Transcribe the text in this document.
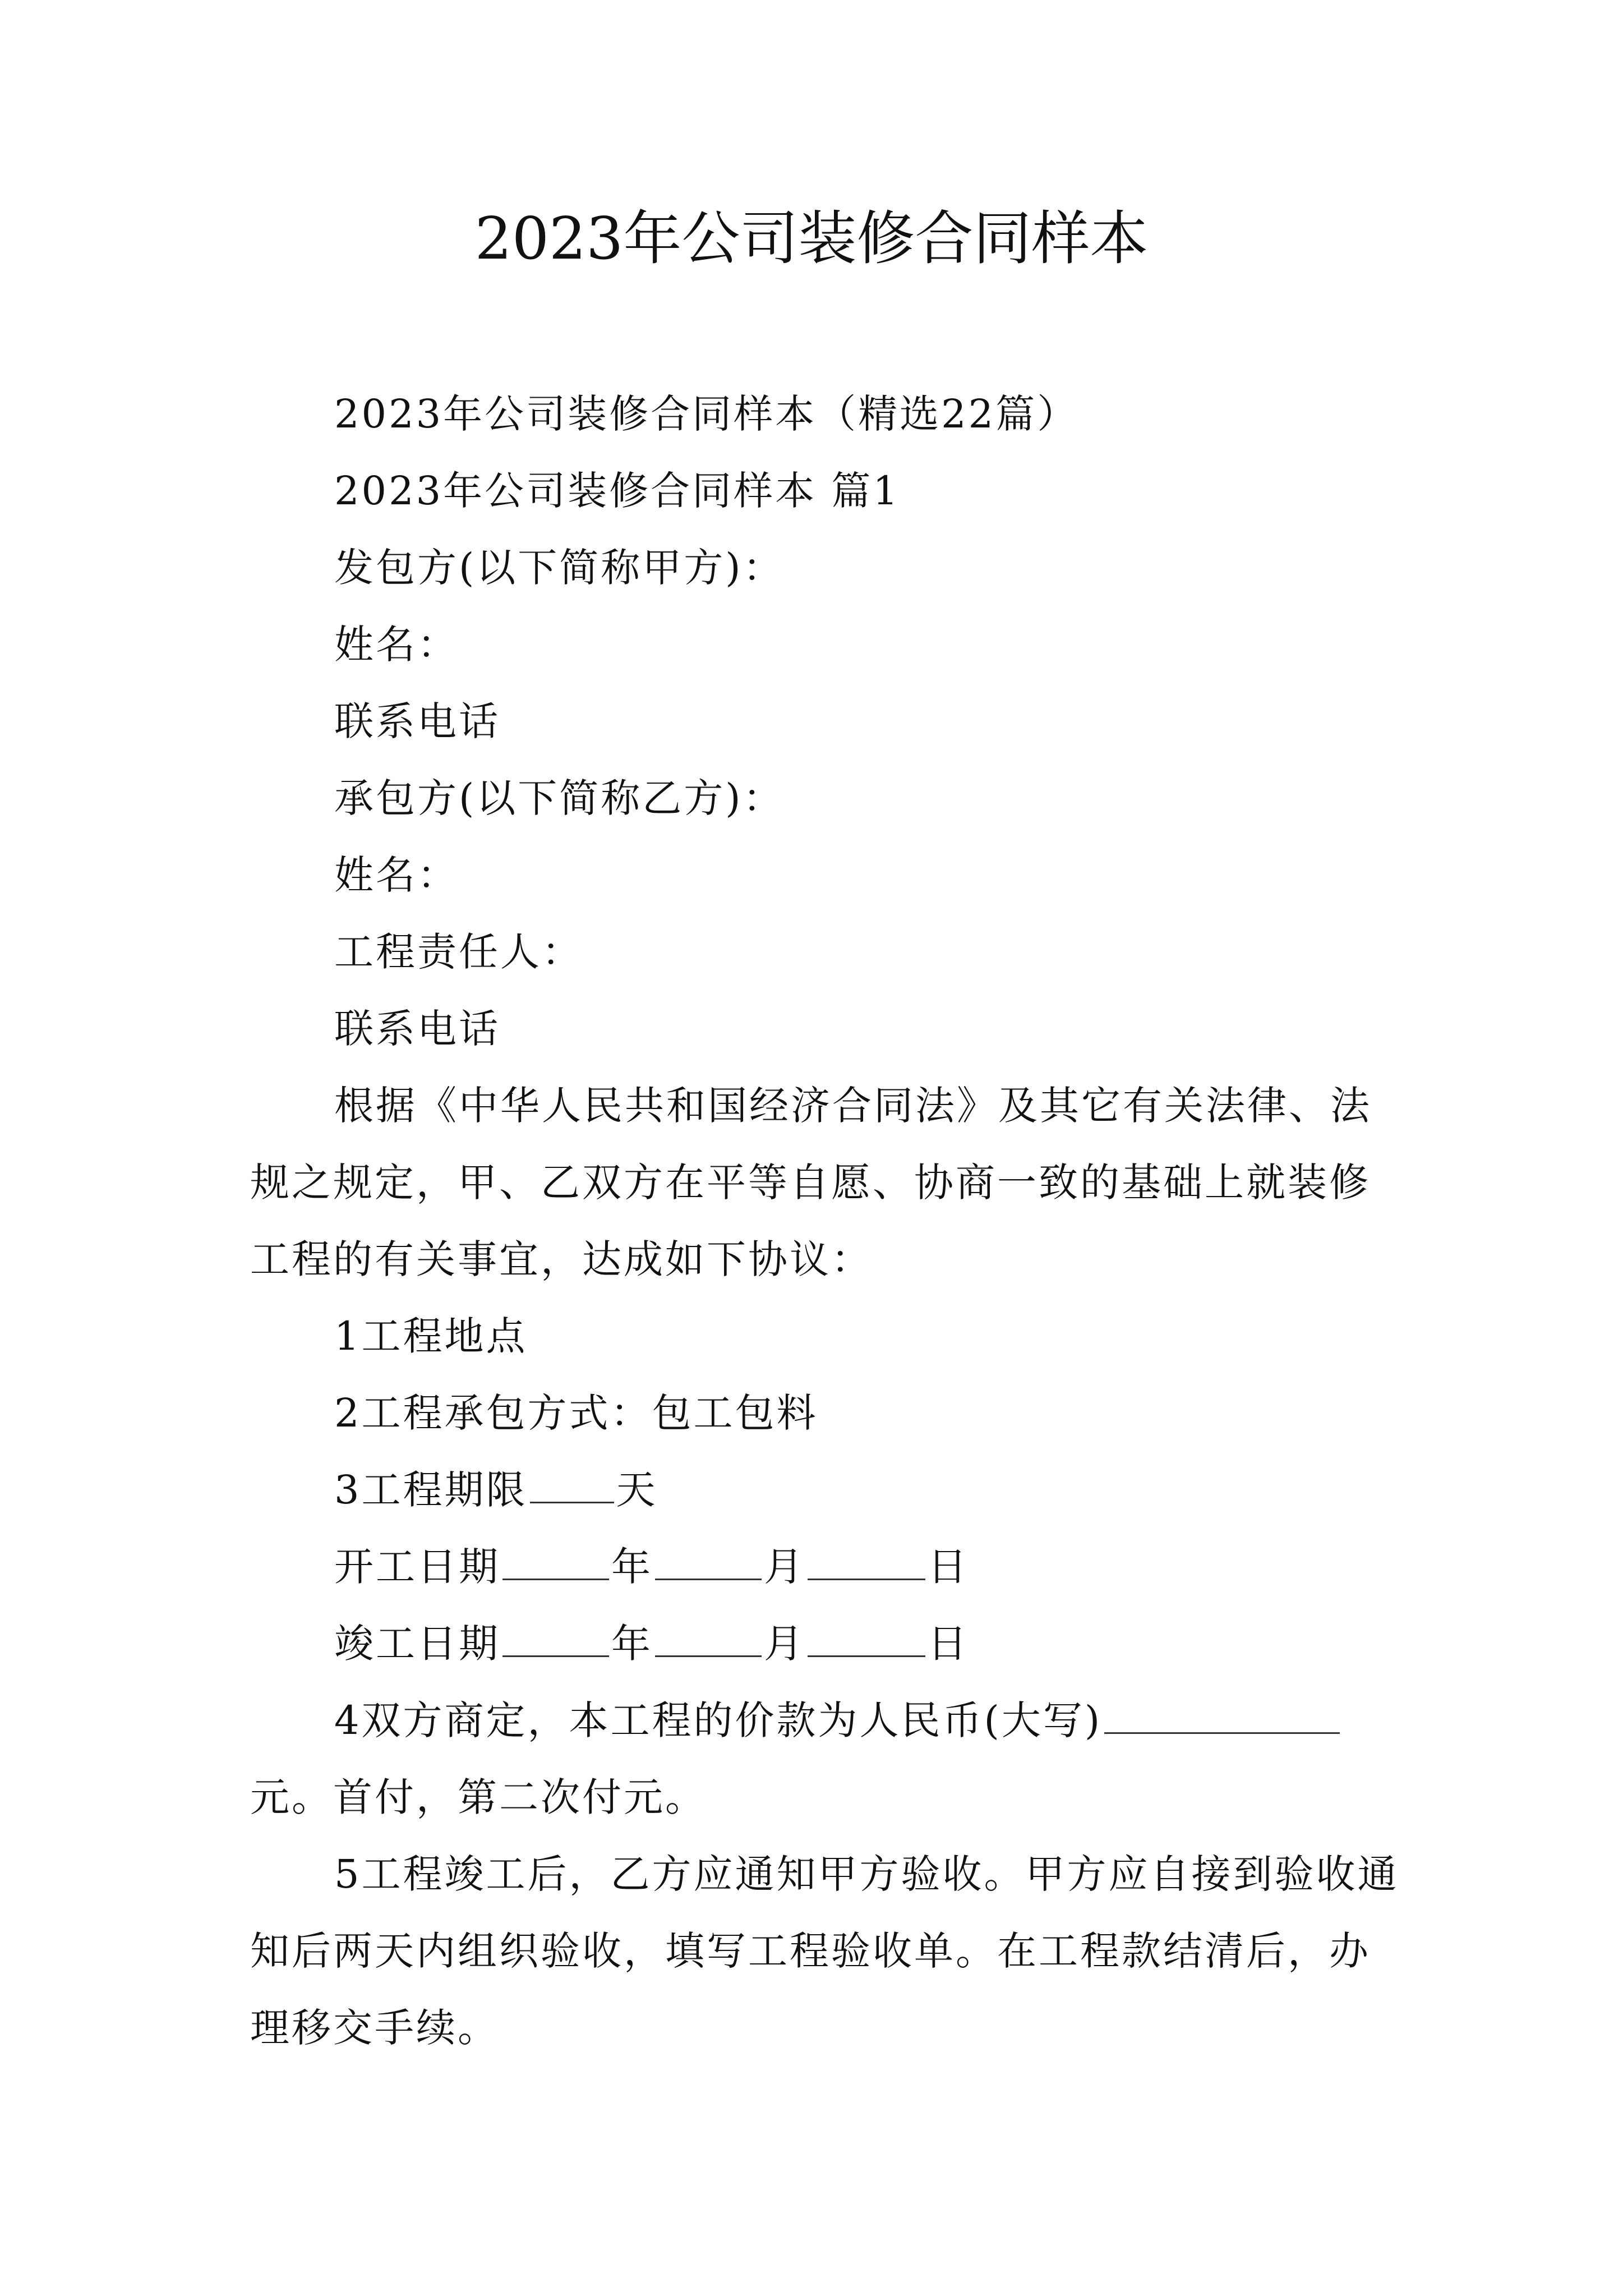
2023年公司装修合同样本

2023年公司装修合同样本（精选22篇）

2023年公司装修合同样本 篇1

发包方(以下简称甲方)：

姓名：

联系电话

承包方(以下简称乙方)：

姓名：

工程责任人：

联系电话

根据《中华人民共和国经济合同法》及其它有关法律、法规之规定，甲、乙双方在平等自愿、协商一致的基础上就装修工程的有关事宜，达成如下协议：

1工程地点

2工程承包方式：包工包料

3工程期限 天

开工日期	年	月	日

竣工日期	年	月	日

4双方商定，本工程的价款为人民币(大写)元。首付，第二次付元。

5工程竣工后，乙方应通知甲方验收。甲方应自接到验收通知后两天内组织验收，填写工程验收单。在工程款结清后，办理移交手续。
